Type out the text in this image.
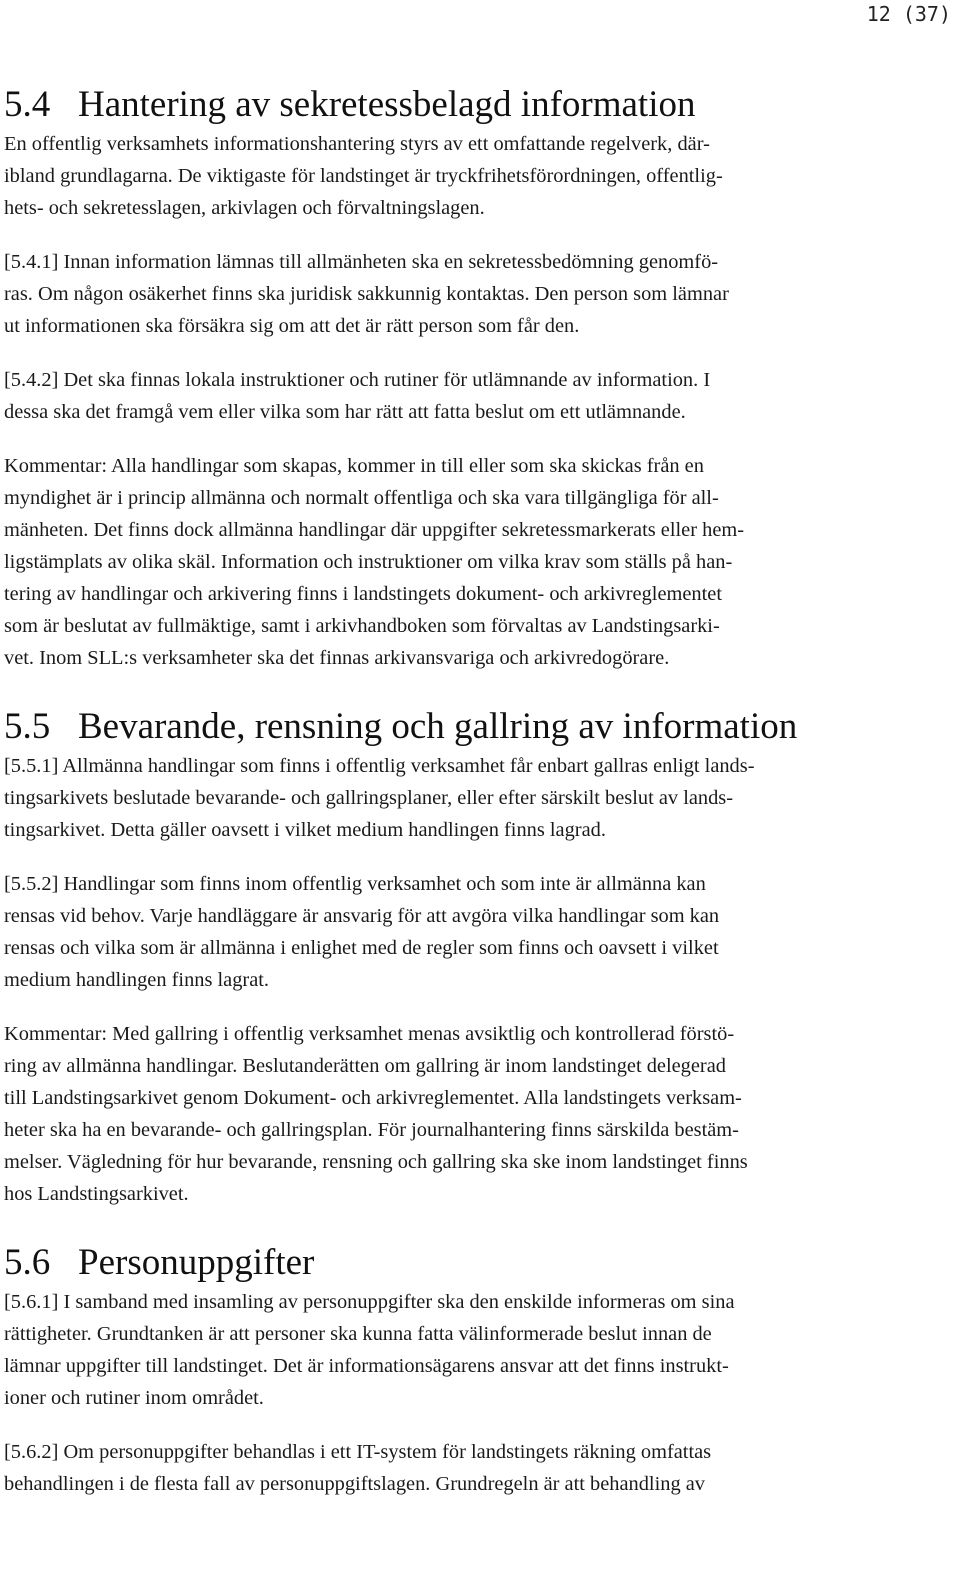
12 (37)
5.4 Hantering av sekretessbelagd information

En offentlig verksamhets informationshantering styrs av ett omfattande regelverk, där-
ibland grundlagarna. De viktigaste för landstinget är tryckfrihetsförordningen, offentlig-
hets- och sekretesslagen, arkivlagen och förvaltningslagen.

[5.4.1] Innan information lämnas till allmänheten ska en sekretessbedömning genomfö-
ras. Om någon osäkerhet finns ska juridisk sakkunnig kontaktas. Den person som lämnar
ut informationen ska försäkra sig om att det är rätt person som får den.

[5.4.2] Det ska finnas lokala instruktioner och rutiner för utlämnande av information. I
dessa ska det framgå vem eller vilka som har rätt att fatta beslut om ett utlämnande.

Kommentar: Alla handlingar som skapas, kommer in till eller som ska skickas från en
myndighet är i princip allmänna och normalt offentliga och ska vara tillgängliga för all-
mänheten. Det finns dock allmänna handlingar där uppgifter sekretessmarkerats eller hem-
ligstämplats av olika skäl. Information och instruktioner om vilka krav som ställs på han-
tering av handlingar och arkivering finns i landstingets dokument- och arkivreglementet
som är beslutat av fullmäktige, samt i arkivhandboken som förvaltas av Landstingsarki-
vet. Inom SLL:s verksamheter ska det finnas arkivansvariga och arkivredogörare.

5.5 Bevarande, rensning och gallring av information

[5.5.1] Allmänna handlingar som finns i offentlig verksamhet får enbart gallras enligt lands-
tingsarkivets beslutade bevarande- och gallringsplaner, eller efter särskilt beslut av lands-
tingsarkivet. Detta gäller oavsett i vilket medium handlingen finns lagrad.

[5.5.2] Handlingar som finns inom offentlig verksamhet och som inte är allmänna kan
rensas vid behov. Varje handläggare är ansvarig för att avgöra vilka handlingar som kan
rensas och vilka som är allmänna i enlighet med de regler som finns och oavsett i vilket
medium handlingen finns lagrat.

Kommentar: Med gallring i offentlig verksamhet menas avsiktlig och kontrollerad förstö-
ring av allmänna handlingar. Beslutanderätten om gallring är inom landstinget delegerad
till Landstingsarkivet genom Dokument- och arkivreglementet. Alla landstingets verksam-
heter ska ha en bevarande- och gallringsplan. För journalhantering finns särskilda bestäm-
melser. Vägledning för hur bevarande, rensning och gallring ska ske inom landstinget finns
hos Landstingsarkivet.

5.6 Personuppgifter

[5.6.1] I samband med insamling av personuppgifter ska den enskilde informeras om sina
rättigheter. Grundtanken är att personer ska kunna fatta välinformerade beslut innan de
lämnar uppgifter till landstinget. Det är informationsägarens ansvar att det finns instrukt-
ioner och rutiner inom området.

[5.6.2] Om personuppgifter behandlas i ett IT-system för landstingets räkning omfattas
behandlingen i de flesta fall av personuppgiftslagen. Grundregeln är att behandling av
